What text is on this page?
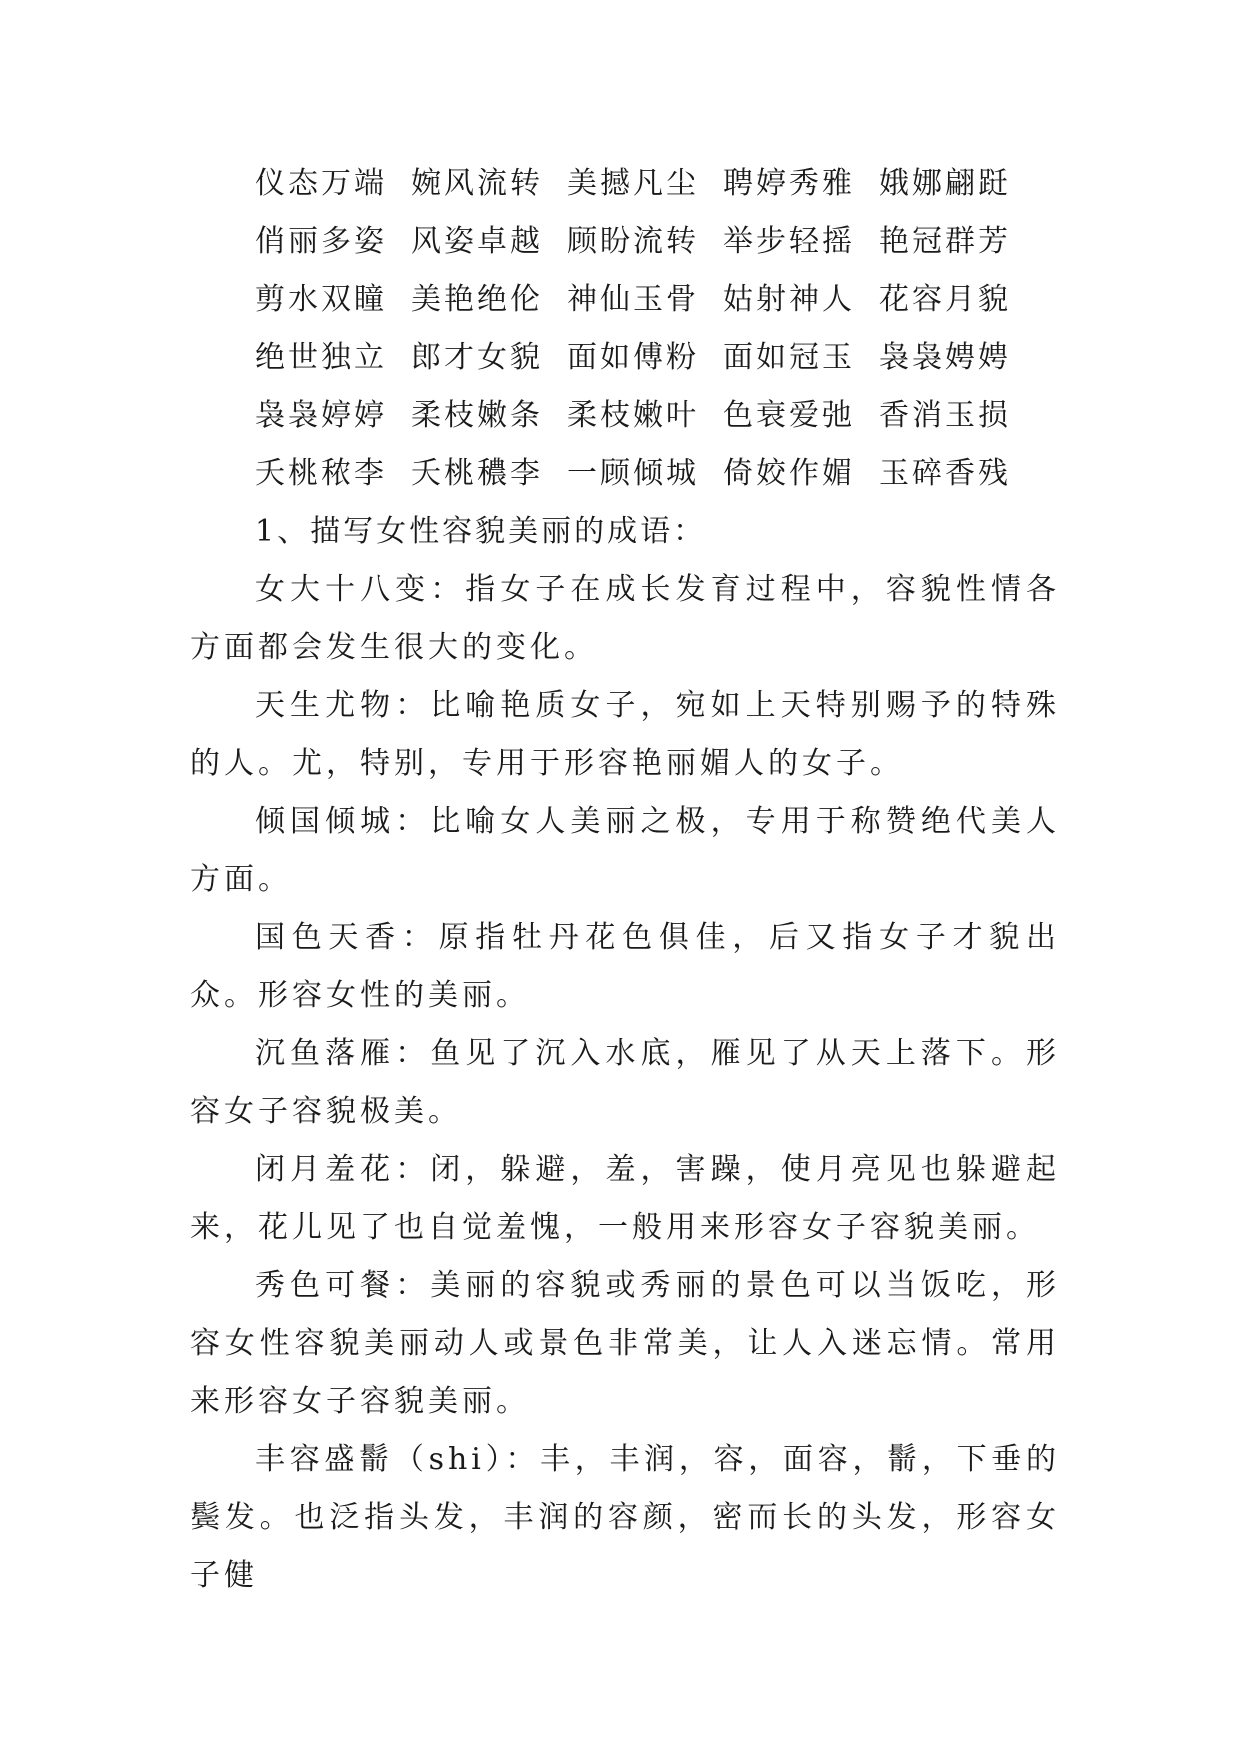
仪态万端 婉风流转 美撼凡尘 聘婷秀雅 娥娜翩跹
俏丽多姿 风姿卓越 顾盼流转 举步轻摇 艳冠群芳
剪水双瞳 美艳绝伦 神仙玉骨 姑射神人 花容月貌
绝世独立 郎才女貌 面如傅粉 面如冠玉 袅袅娉娉
袅袅婷婷 柔枝嫩条 柔枝嫩叶 色衰爱弛 香消玉损
夭桃秾李 夭桃穠李 一顾倾城 倚姣作媚 玉碎香残

1、描写女性容貌美丽的成语：

女大十八变 ： 指女子在成长发育过程中，容貌性情各方面都会发生很大的变化。

天生尤物 ： 比喻艳质女子，宛如上天特别赐予的特殊的人。尤，特别，专用于形容艳丽媚人的女子。

倾国倾城 ： 比喻女人美丽之极，专用于称赞绝代美人方面。

国色天香 ： 原指牡丹花色俱佳，后又指女子才貌出众。形容女性的美丽。

沉鱼落雁 ： 鱼见了沉入水底，雁见了从天上落下。形容女子容貌极美。

闭月羞花 ： 闭，躲避，羞，害躁，使月亮见也躲避起来，花儿见了也自觉羞愧，一般用来形容女子容貌美丽。

秀色可餐 ： 美丽的容貌或秀丽的景色可以当饭吃，形容女性容貌美丽动人或景色非常美，让人入迷忘情。常用来形容女子容貌美丽。

丰容盛鬋（shi） ： 丰，丰润，容，面容，鬋，下垂的鬓发。也泛指头发，丰润的容颜，密而长的头发，形容女子健
